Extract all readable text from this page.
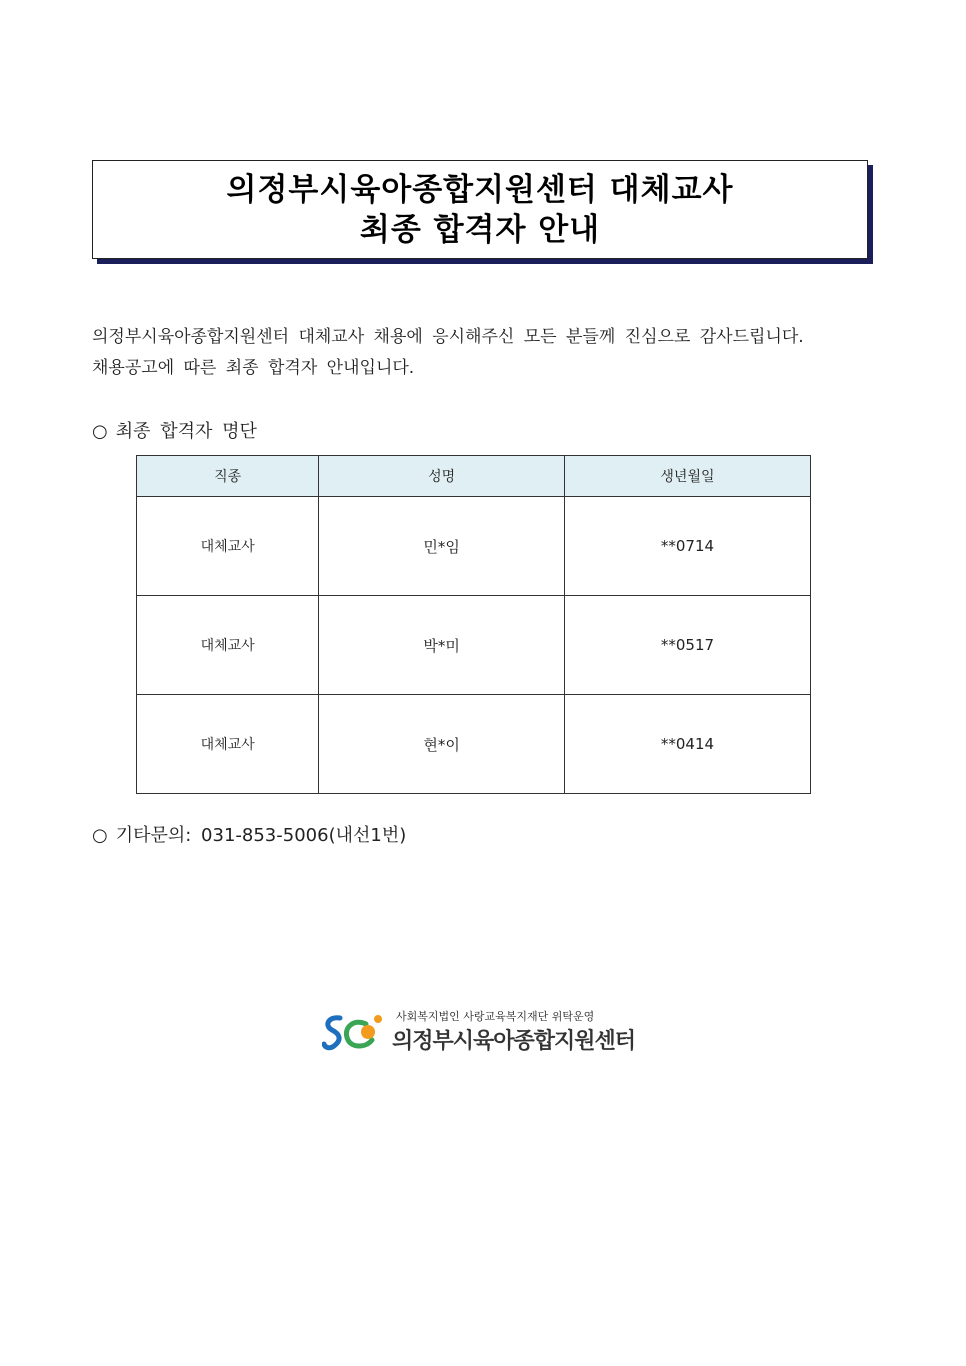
의정부시육아종합지원센터 대체교사
최종 합격자 안내
의정부시육아종합지원센터 대체교사 채용에 응시해주신 모든 분들께 진심으로 감사드립니다.
채용공고에 따른 최종 합격자 안내입니다.
○ 최종 합격자 명단
직종	성명	생년월일
대체교사	민*임	**0714
대체교사	박*미	**0517
대체교사	현*이	**0414
○ 기타문의: 031-853-5006(내선1번)
사회복지법인 사랑교육복지재단 위탁운영
의정부시육아종합지원센터
